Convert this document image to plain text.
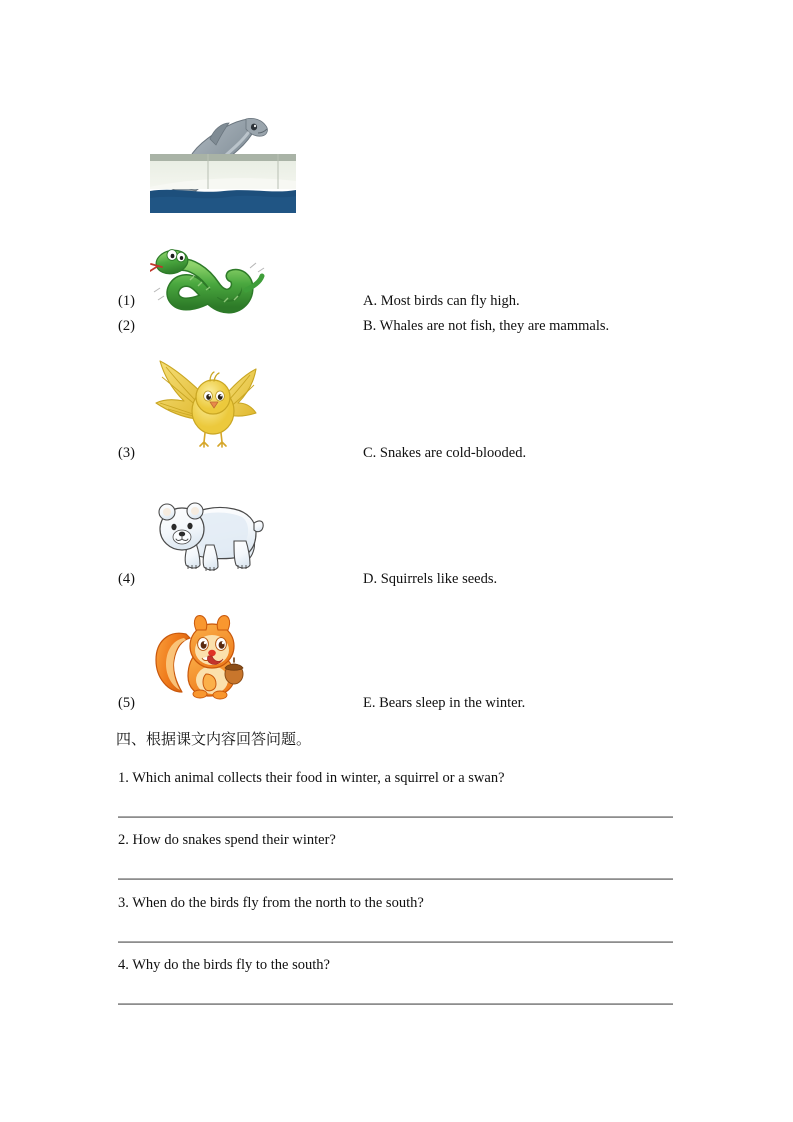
(1)	A. Most birds can fly high.
(2)	B. Whales are not fish, they are mammals.
(3)	C. Snakes are cold-blooded.
(4)	D. Squirrels like seeds.
(5)	E. Bears sleep in the winter.
四、根据课文内容回答问题。
1. Which animal collects their food in winter, a squirrel or a swan?
2. How do snakes spend their winter?
3. When do the birds fly from the north to the south?
4. Why do the birds fly to the south?
